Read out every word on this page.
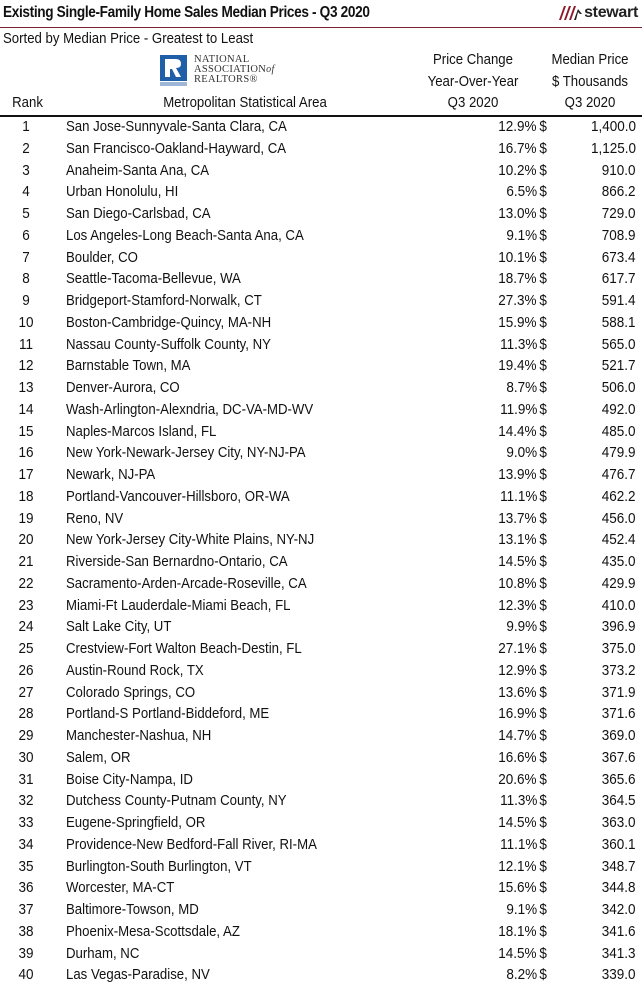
Existing Single-Family Home Sales Median Prices - Q3 2020	stewart
Sorted by Median Price - Greatest to Least
NATIONAL
ASSOCIATIONof
REALTORS®
Rank	Metropolitan Statistical Area
Price Change
Year-Over-Year
Q3 2020
Median Price
$ Thousands
Q3 2020
1	San Jose-Sunnyvale-Santa Clara, CA	12.9% $	1,400.0
2	San Francisco-Oakland-Hayward, CA	16.7% $	1,125.0
3	Anaheim-Santa Ana, CA	10.2% $	910.0
4	Urban Honolulu, HI	6.5% $	866.2
5	San Diego-Carlsbad, CA	13.0% $	729.0
6	Los Angeles-Long Beach-Santa Ana, CA	9.1% $	708.9
7	Boulder, CO	10.1% $	673.4
8	Seattle-Tacoma-Bellevue, WA	18.7% $	617.7
9	Bridgeport-Stamford-Norwalk, CT	27.3% $	591.4
10	Boston-Cambridge-Quincy, MA-NH	15.9% $	588.1
11	Nassau County-Suffolk County, NY	11.3% $	565.0
12	Barnstable Town, MA	19.4% $	521.7
13	Denver-Aurora, CO	8.7% $	506.0
14	Wash-Arlington-Alexndria, DC-VA-MD-WV	11.9% $	492.0
15	Naples-Marcos Island, FL	14.4% $	485.0
16	New York-Newark-Jersey City, NY-NJ-PA	9.0% $	479.9
17	Newark, NJ-PA	13.9% $	476.7
18	Portland-Vancouver-Hillsboro, OR-WA	11.1% $	462.2
19	Reno, NV	13.7% $	456.0
20	New York-Jersey City-White Plains, NY-NJ	13.1% $	452.4
21	Riverside-San Bernardno-Ontario, CA	14.5% $	435.0
22	Sacramento-Arden-Arcade-Roseville, CA	10.8% $	429.9
23	Miami-Ft Lauderdale-Miami Beach, FL	12.3% $	410.0
24	Salt Lake City, UT	9.9% $	396.9
25	Crestview-Fort Walton Beach-Destin, FL	27.1% $	375.0
26	Austin-Round Rock, TX	12.9% $	373.2
27	Colorado Springs, CO	13.6% $	371.9
28	Portland-S Portland-Biddeford, ME	16.9% $	371.6
29	Manchester-Nashua, NH	14.7% $	369.0
30	Salem, OR	16.6% $	367.6
31	Boise City-Nampa, ID	20.6% $	365.6
32	Dutchess County-Putnam County, NY	11.3% $	364.5
33	Eugene-Springfield, OR	14.5% $	363.0
34	Providence-New Bedford-Fall River, RI-MA	11.1% $	360.1
35	Burlington-South Burlington, VT	12.1% $	348.7
36	Worcester, MA-CT	15.6% $	344.8
37	Baltimore-Towson, MD	9.1% $	342.0
38	Phoenix-Mesa-Scottsdale, AZ	18.1% $	341.6
39	Durham, NC	14.5% $	341.3
40	Las Vegas-Paradise, NV	8.2% $	339.0
